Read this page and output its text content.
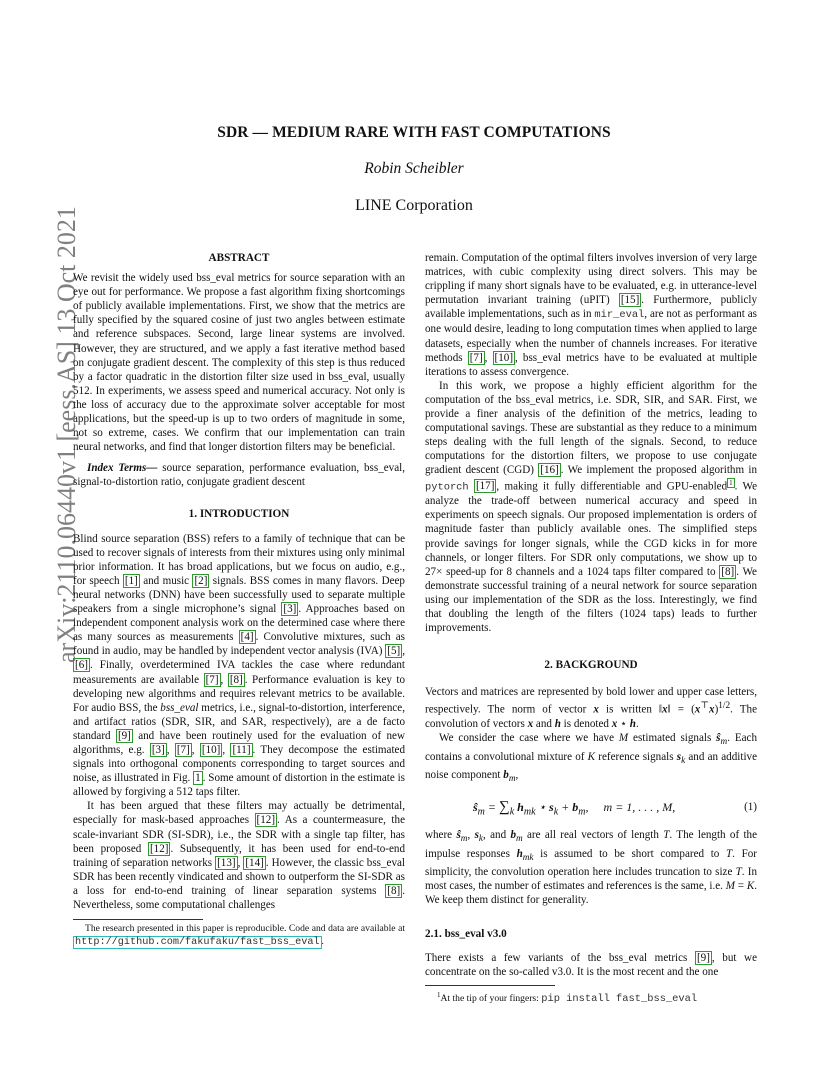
arXiv:2110.06440v1 [eess.AS] 13 Oct 2021
SDR — MEDIUM RARE WITH FAST COMPUTATIONS
Robin Scheibler
LINE Corporation
ABSTRACT

We revisit the widely used bss_eval metrics for source separation with an eye out for performance. We propose a fast algorithm fixing shortcomings of publicly available implementations. First, we show that the metrics are fully specified by the squared cosine of just two angles between estimate and reference subspaces. Second, large linear systems are involved. However, they are structured, and we apply a fast iterative method based on conjugate gradient descent. The complexity of this step is thus reduced by a factor quadratic in the distortion filter size used in bss_eval, usually 512. In experiments, we assess speed and numerical accuracy. Not only is the loss of accuracy due to the approximate solver acceptable for most applications, but the speed-up is up to two orders of magnitude in some, not so extreme, cases. We confirm that our implementation can train neural networks, and find that longer distortion filters may be beneficial.

Index Terms— source separation, performance evaluation, bss_eval, signal-to-distortion ratio, conjugate gradient descent

1. INTRODUCTION

Blind source separation (BSS) refers to a family of technique that can be used to recover signals of interests from their mixtures using only minimal prior information. It has broad applications, but we focus on audio, e.g., for speech [1] and music [2] signals. BSS comes in many flavors. Deep neural networks (DNN) have been successfully used to separate multiple speakers from a single microphone’s signal [3] . Approaches based on independent component analysis work on the determined case where there as many sources as measurements [4] . Convolutive mixtures, such as found in audio, may be handled by independent vector analysis (IVA) [5] , [6] . Finally, overdetermined IVA tackles the case where redundant measurements are available [7] , [8] . Performance evaluation is key to developing new algorithms and requires relevant metrics to be available. For audio BSS, the bss_eval metrics, i.e., signal-to-distortion, interference, and artifact ratios (SDR, SIR, and SAR, respectively), are a de facto standard [9] and have been routinely used for the evaluation of new algorithms, e.g. [3] , [7] , [10] , [11] . They decompose the estimated signals into orthogonal components corresponding to target sources and noise, as illustrated in Fig. 1 . Some amount of distortion in the estimate is allowed by forgiving a 512 taps filter.

It has been argued that these filters may actually be detrimental, especially for mask-based approaches [12] . As a countermeasure, the scale-invariant SDR (SI-SDR), i.e., the SDR with a single tap filter, has been proposed [12] . Subsequently, it has been used for end-to-end training of separation networks [13] , [14] . However, the classic bss_eval SDR has been recently vindicated and shown to outperform the SI-SDR as a loss for end-to-end training of linear separation systems [8] . Nevertheless, some computational challenges

The research presented in this paper is reproducible. Code and data are available at http://github.com/fakufaku/fast_bss_eval .

remain. Computation of the optimal filters involves inversion of very large matrices, with cubic complexity using direct solvers. This may be crippling if many short signals have to be evaluated, e.g. in utterance-level permutation invariant training (uPIT) [15] . Furthermore, publicly available implementations, such as in mir_eval, are not as performant as one would desire, leading to long computation times when applied to large datasets, especially when the number of channels increases. For iterative methods [7] , [10] , bss_eval metrics have to be evaluated at multiple iterations to assess convergence.

In this work, we propose a highly efficient algorithm for the computation of the bss_eval metrics, i.e. SDR, SIR, and SAR. First, we provide a finer analysis of the definition of the metrics, leading to computational savings. These are substantial as they reduce to a minimum steps dealing with the full length of the signals. Second, to reduce computations for the distortion filters, we propose to use conjugate gradient descent (CGD) [16] . We implement the proposed algorithm in pytorch [17] , making it fully differentiable and GPU-enabled $^1$ . We analyze the trade-off between numerical accuracy and speed in experiments on speech signals. Our proposed implementation is orders of magnitude faster than publicly available ones. The simplified steps provide savings for longer signals, while the CGD kicks in for more channels, or longer filters. For SDR only computations, we show up to 27× speed-up for 8 channels and a 1024 taps filter compared to [8] . We demonstrate successful training of a neural network for source separation using our implementation of the SDR as the loss. Interestingly, we find that doubling the length of the filters (1024 taps) leads to further improvements.

2. BACKGROUND

Vectors and matrices are represented by bold lower and upper case letters, respectively. The norm of vector x is written ‖x‖ = $(x^⊤x)^{1/2}$. The convolution of vectors x and h is denoted x ⋆ h.

We consider the case where we have M estimated signals $ŝ_m$. Each contains a convolutional mixture of K reference signals $s_k$ and an additive noise component $b_m$,

$ŝ_m = \sum_k$ $h_{mk}$ ⋆ $s_k + b_m$,     m = 1, . . . , M,	(1)

where $ŝ_m$, $s_k$, and $b_m$ are all real vectors of length T. The length of the impulse responses $h_{mk}$ is assumed to be short compared to T. For simplicity, the convolution operation here includes truncation to size T. In most cases, the number of estimates and references is the same, i.e. M = K. We keep them distinct for generality.

2.1. bss_eval v3.0

There exists a few variants of the bss_eval metrics [9] , but we concentrate on the so-called v3.0. It is the most recent and the one

$^1$At the tip of your fingers: pip install fast_bss_eval
